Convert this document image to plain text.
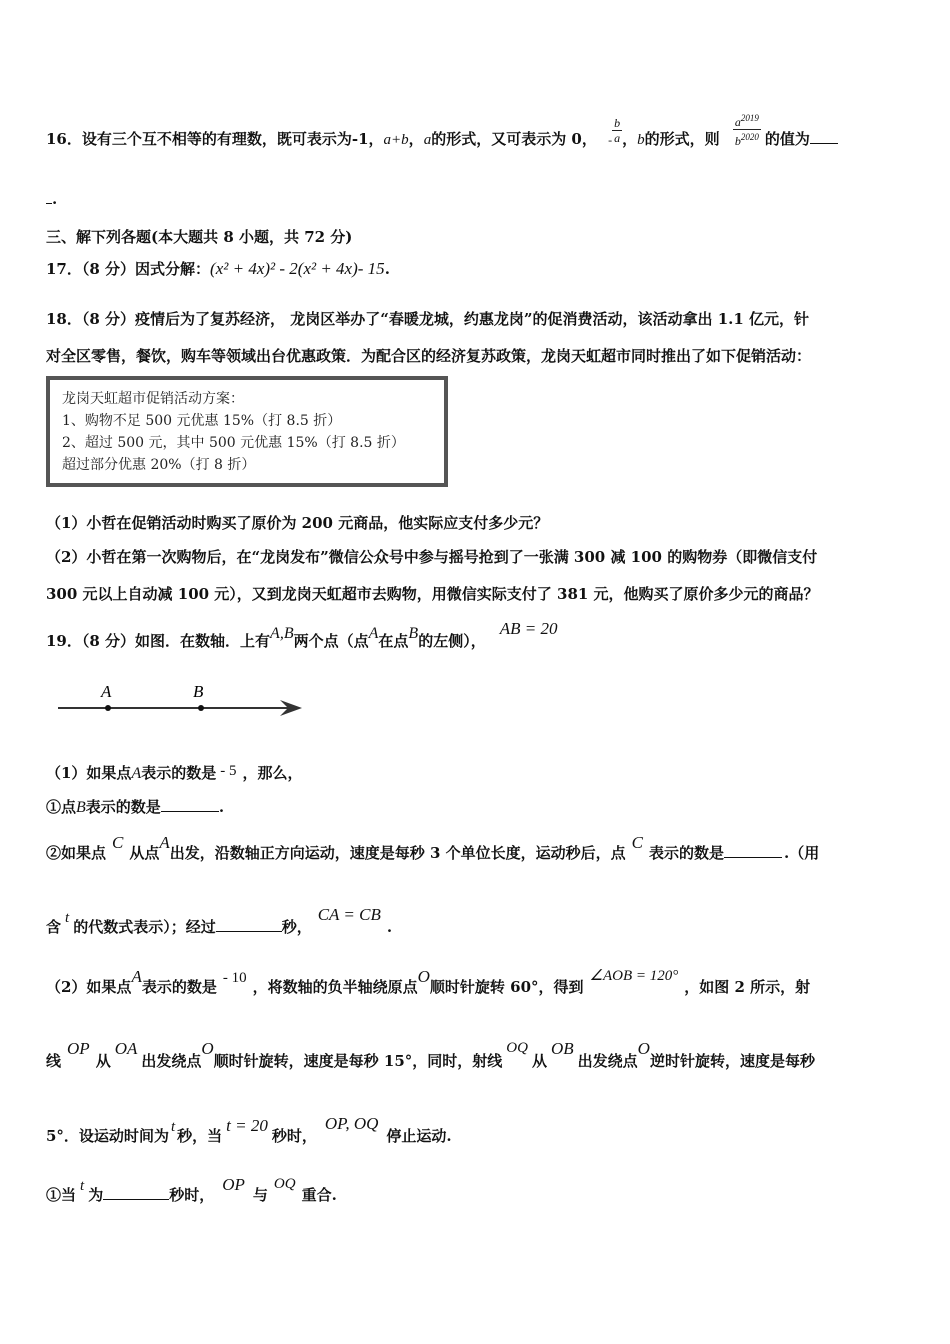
16．设有三个互不相等的有理数，既可表示为-1，a+b，a的形式，又可表示为 0， - $\frac{b}{a}$ ，b的形式，则 $\frac{a^{2019}}{b^{2020}}$ 的值为
.
三、解下列各题(本大题共 8 小题，共 72 分)
17．（8 分）因式分解：(x² + 4x)² - 2(x² + 4x)- 15.
18．（8 分）疫情后为了复苏经济， 龙岗区举办了“春暖龙城，约惠龙岗”的促消费活动，该活动拿出 1.1 亿元，针
对全区零售，餐饮，购车等领域出台优惠政策．为配合区的经济复苏政策，龙岗天虹超市同时推出了如下促销活动：
龙岗天虹超市促销活动方案：
1、购物不足 500 元优惠 15%（打 8.5 折）
2、超过 500 元，其中 500 元优惠 15%（打 8.5 折）
超过部分优惠 20%（打 8 折）
（1）小哲在促销活动时购买了原价为 200 元商品，他实际应支付多少元？
（2）小哲在第一次购物后，在“龙岗发布”微信公众号中参与摇号抢到了一张满 300 减 100 的购物券（即微信支付
300 元以上自动减 100 元），又到龙岗天虹超市去购物，用微信实际支付了 381 元，他购买了原价多少元的商品？
19．（8 分）如图．在数轴．上有A,B两个点（点A在点B的左侧），AB = 20
A	B
（1）如果点A表示的数是 - 5 ，那么，
①点B表示的数是	.
②如果点C从点A出发，沿数轴正方向运动，速度是每秒 3 个单位长度，运动秒后，点C表示的数是	.（用
含 t 的代数式表示）；经过	秒，CA = CB.
（2）如果点A表示的数是 - 10 ，将数轴的负半轴绕原点O顺时针旋转 60°，得到∠AOB = 120°，如图 2 所示，射
线OP从OA出发绕点O顺时针旋转，速度是每秒 15°，同时，射线OQ从OB出发绕点O逆时针旋转，速度是每秒
5°．设运动时间为 t 秒，当t = 20秒时，OP, OQ停止运动.
①当 t 为	秒时，OP与OQ重合.
